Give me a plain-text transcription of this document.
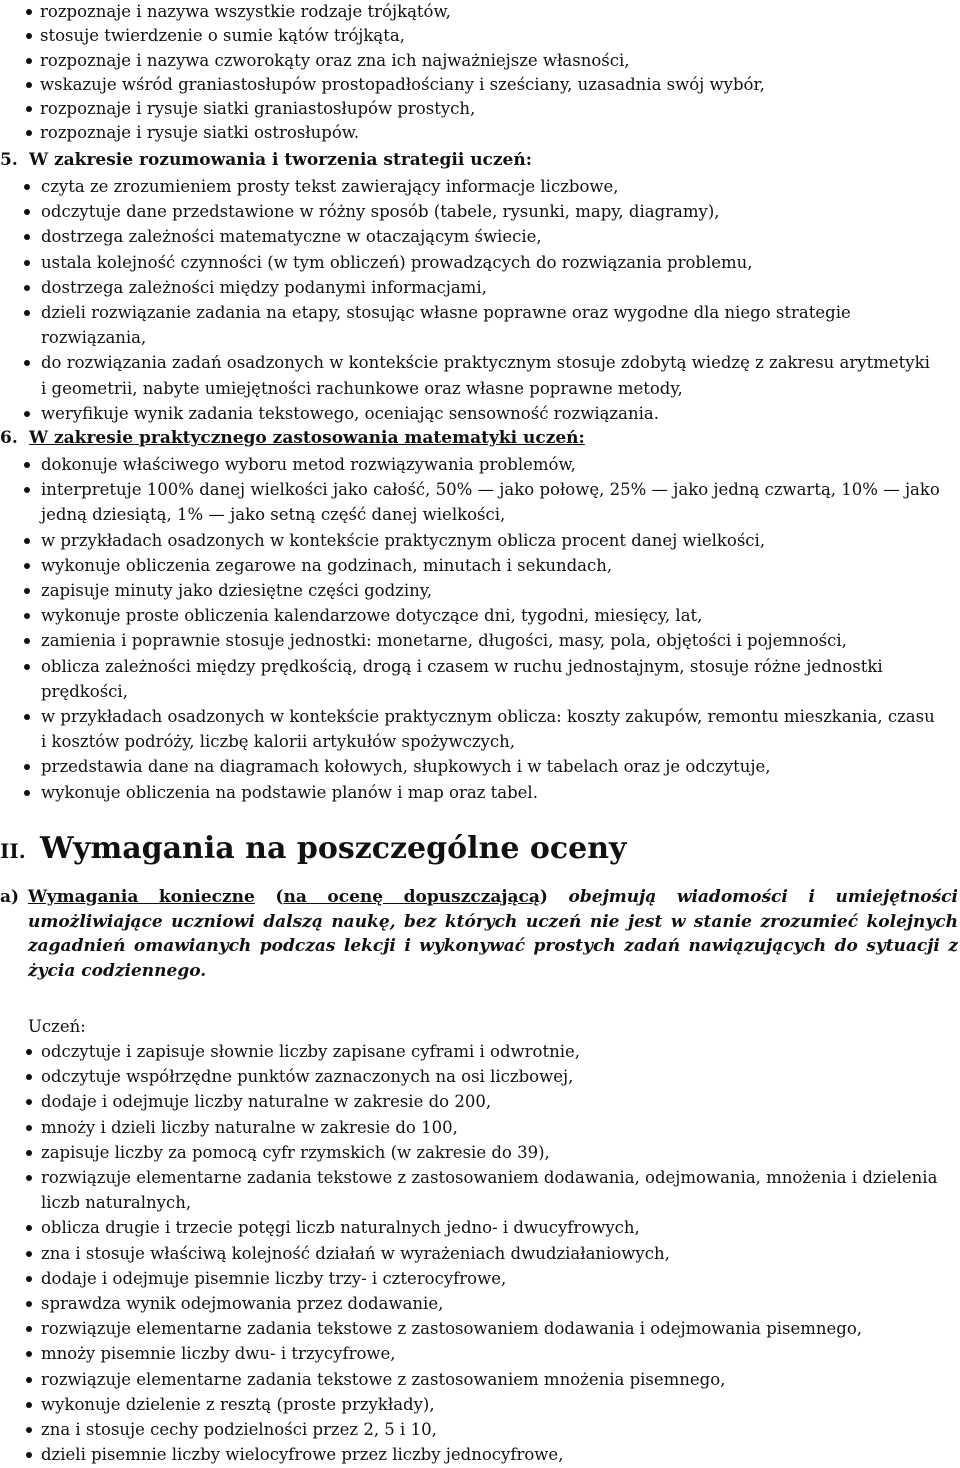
rozpoznaje i nazywa wszystkie rodzaje trójkątów,
stosuje twierdzenie o sumie kątów trójkąta,
rozpoznaje i nazywa czworokąty oraz zna ich najważniejsze własności,
wskazuje wśród graniastosłupów prostopadłościany i sześciany, uzasadnia swój wybór,
rozpoznaje i rysuje siatki graniastosłupów prostych,
rozpoznaje i rysuje siatki ostrosłupów.
5. W zakresie rozumowania i tworzenia strategii uczeń:
czyta ze zrozumieniem prosty tekst zawierający informacje liczbowe,
odczytuje dane przedstawione w różny sposób (tabele, rysunki, mapy, diagramy),
dostrzega zależności matematyczne w otaczającym świecie,
ustala kolejność czynności (w tym obliczeń) prowadzących do rozwiązania problemu,
dostrzega zależności między podanymi informacjami,
dzieli rozwiązanie zadania na etapy, stosując własne poprawne oraz wygodne dla niego strategie rozwiązania,
do rozwiązania zadań osadzonych w kontekście praktycznym stosuje zdobytą wiedzę z zakresu arytmetyki i geometrii, nabyte umiejętności rachunkowe oraz własne poprawne metody,
weryfikuje wynik zadania tekstowego, oceniając sensowność rozwiązania.
6. W zakresie praktycznego zastosowania matematyki uczeń:
dokonuje właściwego wyboru metod rozwiązywania problemów,
interpretuje 100% danej wielkości jako całość, 50% — jako połowę, 25% — jako jedną czwartą, 10% — jako jedną dziesiątą, 1% — jako setną część danej wielkości,
w przykładach osadzonych w kontekście praktycznym oblicza procent danej wielkości,
wykonuje obliczenia zegarowe na godzinach, minutach i sekundach,
zapisuje minuty jako dziesiętne części godziny,
wykonuje proste obliczenia kalendarzowe dotyczące dni, tygodni, miesięcy, lat,
zamienia i poprawnie stosuje jednostki: monetarne, długości, masy, pola, objętości i pojemności,
oblicza zależności między prędkością, drogą i czasem w ruchu jednostajnym, stosuje różne jednostki prędkości,
w przykładach osadzonych w kontekście praktycznym oblicza: koszty zakupów, remontu mieszkania, czasu i kosztów podróży, liczbę kalorii artykułów spożywczych,
przedstawia dane na diagramach kołowych, słupkowych i w tabelach oraz je odczytuje,
wykonuje obliczenia na podstawie planów i map oraz tabel.
II. Wymagania na poszczególne oceny
a) Wymagania konieczne (na ocenę dopuszczającą) obejmują wiadomości i umiejętności umożliwiające uczniowi dalszą naukę, bez których uczeń nie jest w stanie zrozumieć kolejnych zagadnień omawianych podczas lekcji i wykonywać prostych zadań nawiązujących do sytuacji z życia codziennego.
Uczeń:
odczytuje i zapisuje słownie liczby zapisane cyframi i odwrotnie,
odczytuje współrzędne punktów zaznaczonych na osi liczbowej,
dodaje i odejmuje liczby naturalne w zakresie do 200,
mnoży i dzieli liczby naturalne w zakresie do 100,
zapisuje liczby za pomocą cyfr rzymskich (w zakresie do 39),
rozwiązuje elementarne zadania tekstowe z zastosowaniem dodawania, odejmowania, mnożenia i dzielenia liczb naturalnych,
oblicza drugie i trzecie potęgi liczb naturalnych jedno- i dwucyfrowych,
zna i stosuje właściwą kolejność działań w wyrażeniach dwudziałaniowych,
dodaje i odejmuje pisemnie liczby trzy- i czterocyfrowe,
sprawdza wynik odejmowania przez dodawanie,
rozwiązuje elementarne zadania tekstowe z zastosowaniem dodawania i odejmowania pisemnego,
mnoży pisemnie liczby dwu- i trzycyfrowe,
rozwiązuje elementarne zadania tekstowe z zastosowaniem mnożenia pisemnego,
wykonuje dzielenie z resztą (proste przykłady),
zna i stosuje cechy podzielności przez 2, 5 i 10,
dzieli pisemnie liczby wielocyfrowe przez liczby jednocyfrowe,
